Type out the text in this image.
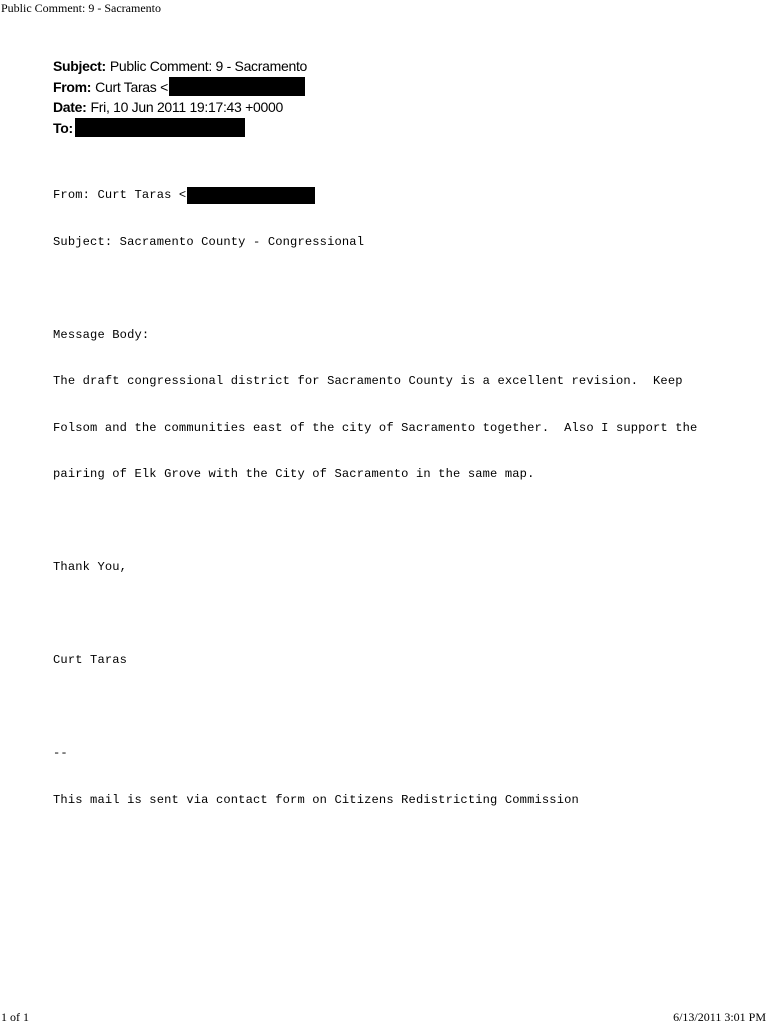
Public Comment: 9 - Sacramento
Subject: Public Comment: 9 - Sacramento
From: Curt Taras <
Date: Fri, 10 Jun 2011 19:17:43 +0000
To:

From: Curt Taras <

Subject: Sacramento County - Congressional

Message Body:

The draft congressional district for Sacramento County is a excellent revision.  Keep

Folsom and the communities east of the city of Sacramento together.  Also I support the

pairing of Elk Grove with the City of Sacramento in the same map.

Thank You,

Curt Taras

--

This mail is sent via contact form on Citizens Redistricting Commission

1 of 1	6/13/2011 3:01 PM
